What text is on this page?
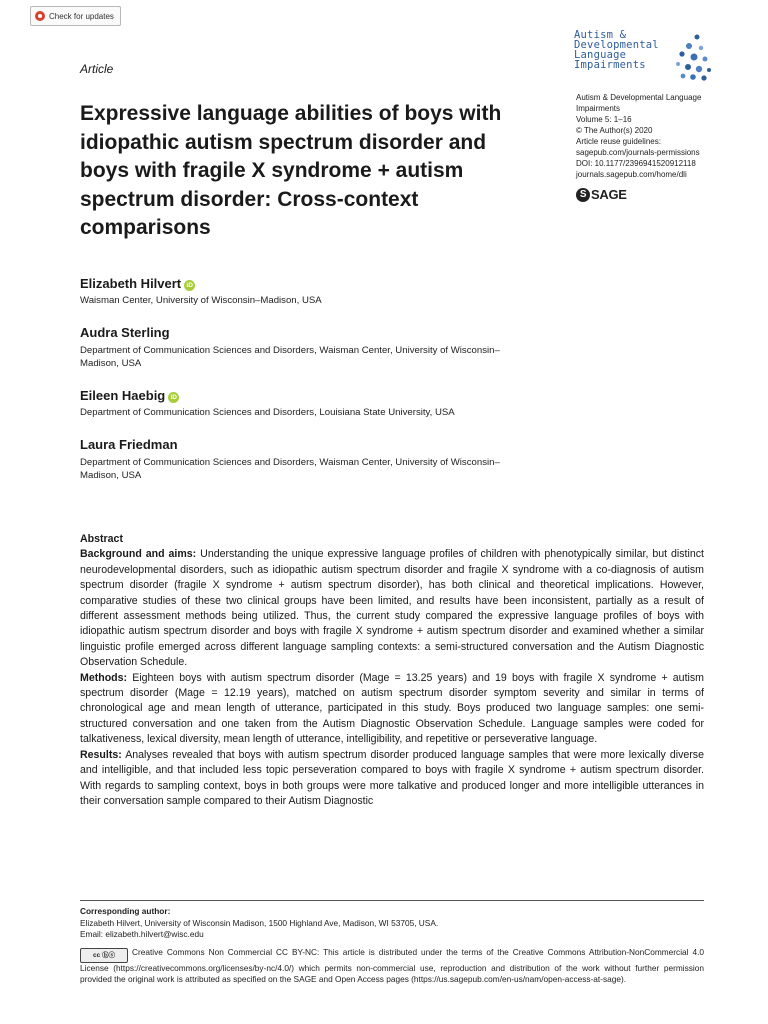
Check for updates
Article
Autism &
Developmental
Language
Impairments
Autism & Developmental Language
Impairments
Volume 5: 1–16
© The Author(s) 2020
Article reuse guidelines:
sagepub.com/journals-permissions
DOI: 10.1177/2396941520912118
journals.sagepub.com/home/dli
S SAGE
Expressive language abilities of boys with idiopathic autism spectrum disorder and boys with fragile X syndrome + autism spectrum disorder: Cross-context comparisons
Elizabeth Hilvert iD
Waisman Center, University of Wisconsin–Madison, USA
Audra Sterling
Department of Communication Sciences and Disorders, Waisman Center, University of Wisconsin–Madison, USA
Eileen Haebig iD
Department of Communication Sciences and Disorders, Louisiana State University, USA
Laura Friedman
Department of Communication Sciences and Disorders, Waisman Center, University of Wisconsin–Madison, USA

Abstract

Background and aims: Understanding the unique expressive language profiles of children with phenotypically similar, but distinct neurodevelopmental disorders, such as idiopathic autism spectrum disorder and fragile X syndrome with a co-diagnosis of autism spectrum disorder (fragile X syndrome + autism spectrum disorder), has both clinical and theoretical implications. However, comparative studies of these two clinical groups have been limited, and results have been inconsistent, partially as a result of different assessment methods being utilized. Thus, the current study compared the expressive language profiles of boys with idiopathic autism spectrum disorder and boys with fragile X syndrome + autism spectrum disorder and examined whether a similar linguistic profile emerged across different language sampling contexts: a semi-structured conversation and the Autism Diagnostic Observation Schedule.

Methods: Eighteen boys with autism spectrum disorder (Mage = 13.25 years) and 19 boys with fragile X syndrome + autism spectrum disorder (Mage = 12.19 years), matched on autism spectrum disorder symptom severity and similar in terms of chronological age and mean length of utterance, participated in this study. Boys produced two language samples: one semi-structured conversation and one taken from the Autism Diagnostic Observation Schedule. Language samples were coded for talkativeness, lexical diversity, mean length of utterance, intelligibility, and repetitive or perseverative language.

Results: Analyses revealed that boys with autism spectrum disorder produced language samples that were more lexically diverse and intelligible, and that included less topic perseveration compared to boys with fragile X syndrome + autism spectrum disorder. With regards to sampling context, boys in both groups were more talkative and produced longer and more intelligible utterances in their conversation sample compared to their Autism Diagnostic

Corresponding author:
Elizabeth Hilvert, University of Wisconsin Madison, 1500 Highland Ave, Madison, WI 53705, USA.
Email: elizabeth.hilvert@wisc.edu
cc ⓑⓢ Creative Commons Non Commercial CC BY-NC: This article is distributed under the terms of the Creative Commons Attribution-NonCommercial 4.0 License (https://creativecommons.org/licenses/by-nc/4.0/) which permits non-commercial use, reproduction and distribution of the work without further permission provided the original work is attributed as specified on the SAGE and Open Access pages (https://us.sagepub.com/en-us/nam/open-access-at-sage).
